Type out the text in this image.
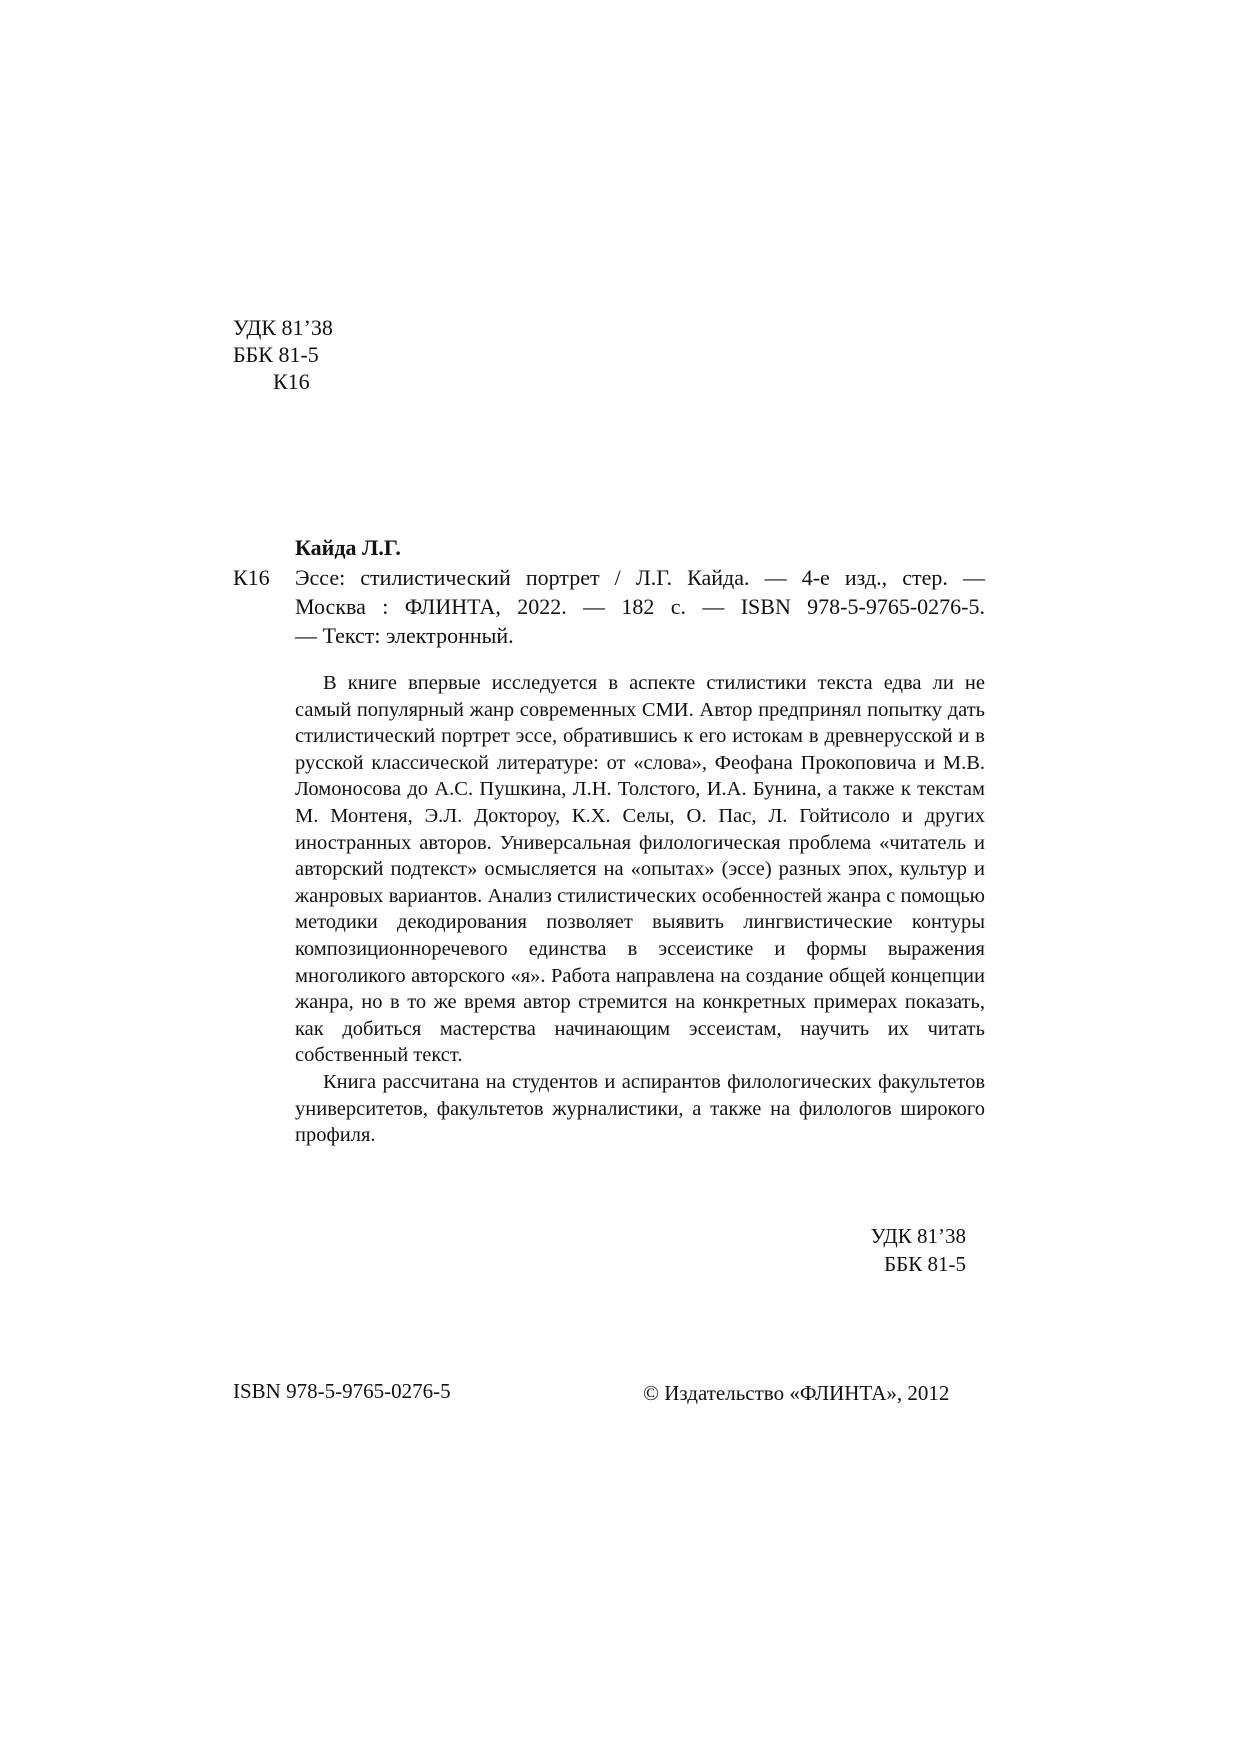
УДК 81’38
ББК 81-5
К16
Кайда Л.Г.
К16 Эссе: стилистический портрет / Л.Г. Кайда. — 4-е изд., стер. —
Москва : ФЛИНТА, 2022. — 182 с. — ISBN 978-5-9765-0276-5.
— Текст: электронный.

В книге впервые исследуется в аспекте стилистики текста едва ли не самый популярный жанр современных СМИ. Автор предпринял попытку дать стилистический портрет эссе, обратившись к его истокам в древнерусской и в русской классической литературе: от «слова», Феофана Прокоповича и М.В. Ломоносова до А.С. Пушкина, Л.Н. Толстого, И.А. Бунина, а также к текстам М. Монтеня, Э.Л. Доктороу, К.Х. Селы, О. Пас, Л. Гойтисоло и других иностранных авторов. Универсальная филологическая проблема «читатель и авторский подтекст» осмысляется на «опытах» (эссе) разных эпох, культур и жанровых вариантов. Анализ стилистических особенностей жанра с помощью методики декодирования позволяет выявить лингвистические контуры композиционноречевого единства в эссеистике и формы выражения многоликого авторского «я». Работа направлена на создание общей концепции жанра, но в то же время автор стремится на конкретных примерах показать, как добиться мастерства начинающим эссеистам, научить их читать собственный текст.

Книга рассчитана на студентов и аспирантов филологических факультетов университетов, факультетов журналистики, а также на филологов широкого профиля.

УДК 81’38
ББК 81-5
ISBN 978-5-9765-0276-5	© Издательство «ФЛИНТА», 2012
